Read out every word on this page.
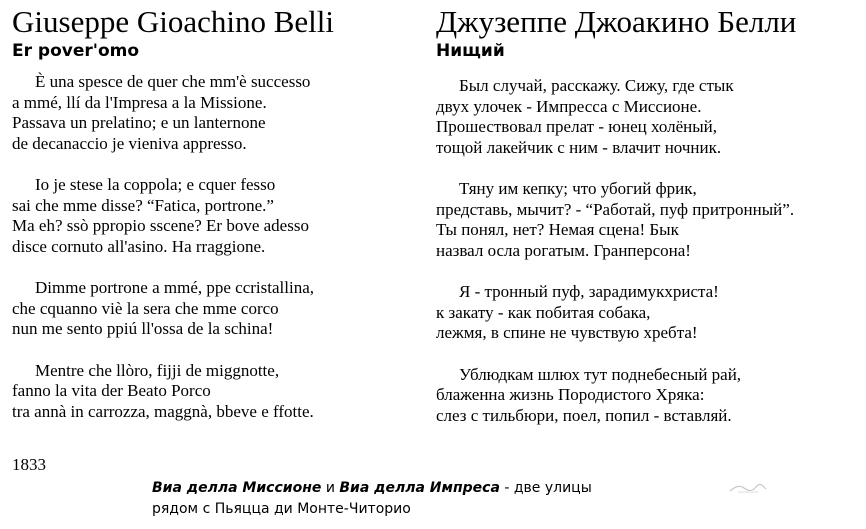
Giuseppe Gioachino Belli
Er pover'omo
È una spesce de quer che mm'è successo
a mmé, llí da l'Impresa a la Missione.
Passava un prelatino; e un lanternone
de decanaccio je vieniva appresso.
Io je stese la coppola; e cquer fesso
sai che mme disse? “Fatica, portrone.”
Ma eh? ssò ppropio sscene? Er bove adesso
disce cornuto all'asino. Ha rraggione.
Dimme portrone a mmé, ppe ccristallina,
che cquanno viè la sera che mme corco
nun me sento ppiú ll'ossa de la schina!
Mentre che llòro, fijji de miggnotte,
fanno la vita der Beato Porco
tra annà in carrozza, maggnà, bbeve e ffotte.
1833
Джузеппе Джоакино Белли
Нищий
Был случай, расскажу. Сижу, где стык
двух улочек - Импресса с Миссионе.
Прошествовал прелат - юнец холёный,
тощой лакейчик с ним - влачит ночник.
Тяну им кепку; что убогий фрик,
представь, мычит? - “Работай, пуф притронный”.
Ты понял, нет? Немая сцена! Бык
назвал осла рогатым. Гранперсона!
Я - тронный пуф, зарадимукхриста!
к закату - как побитая собака,
лежмя, в спине не чувствую хребта!
Ублюдкам шлюх тут поднебесный рай,
блаженна жизнь Породистого Хряка:
слез с тильбюри, поел, попил - вставляй.
Виа делла Миссионе и Виа делла Импреса - две улицы
рядом с Пьяцца ди Монте-Читорио
